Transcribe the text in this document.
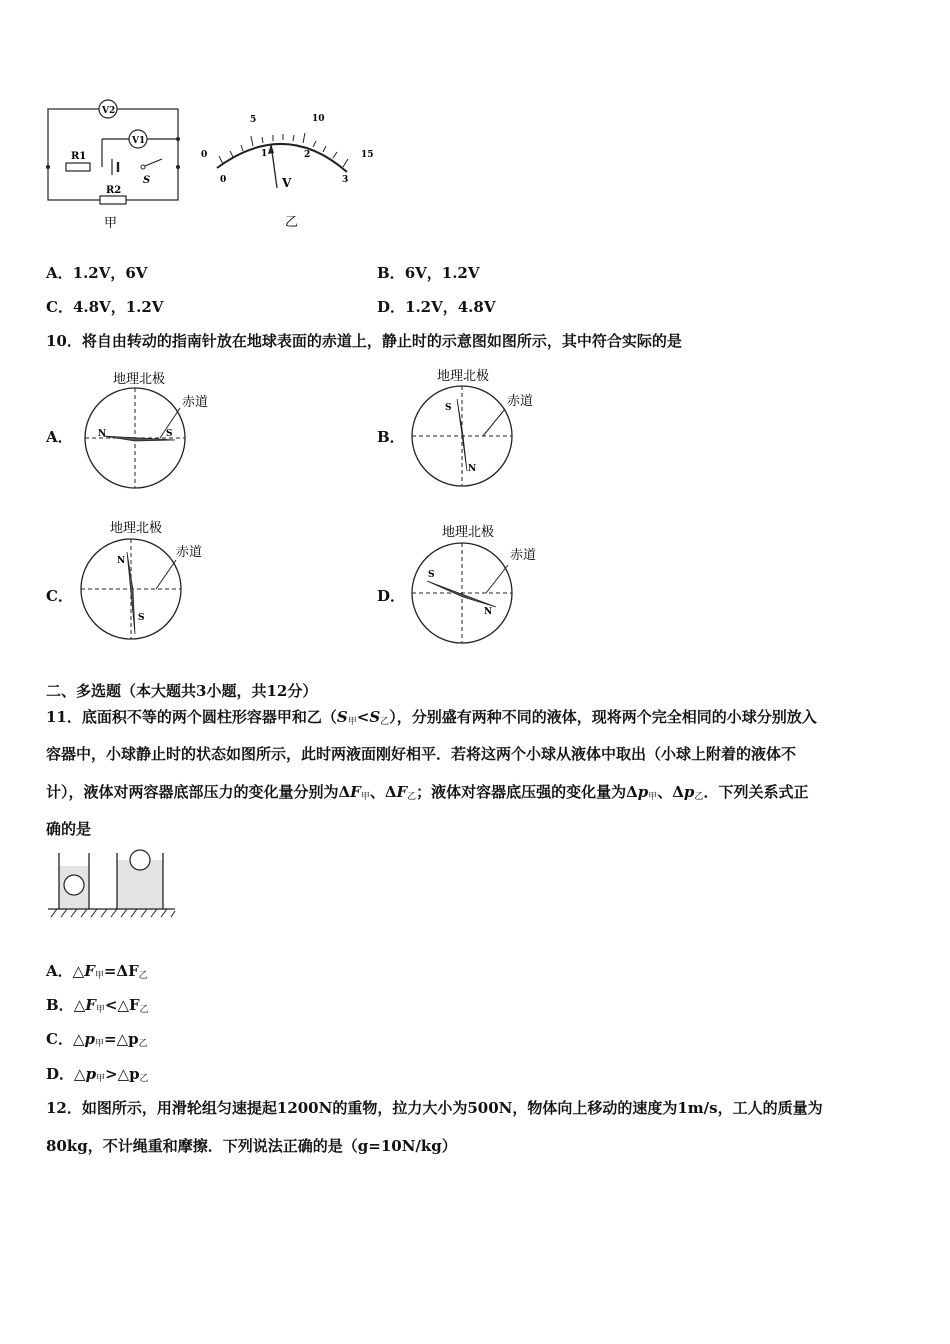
V2
V1
R1
R2
S
甲
0
5	10
15
0
1	2
3
V
乙
A．1.2V，6V	B．6V，1.2V
C．4.8V，1.2V	D．1.2V，4.8V
10．将自由转动的指南针放在地球表面的赤道上，静止时的示意图如图所示，其中符合实际的是
A．
地理北极
赤道
N	S	B．
地理北极
赤道
S
N
C．
地理北极
赤道
N
S
D．
地理北极
赤道
S
N
二、多选题（本大题共3小题，共12分）
11．底面积不等的两个圆柱形容器甲和乙$(S_甲<S_乙)$，分别盛有两种不同的液体，现将两个完全相同的小球分别放入
容器中，小球静止时的状态如图所示，此时两液面刚好相平．若将这两个小球从液体中取出（小球上附着的液体不
计），液体对两容器底部压力的变化量分别为$\Delta F_甲$、$\Delta F_乙$；液体对容器底压强的变化量为$\Delta p_甲$、$\Delta p_乙$．下列关系式正
确的是
A．$\triangle F_甲=\Delta F_乙$
B．$\triangle F_甲<\triangle F_乙$
C．$\triangle p_甲=\triangle p_乙$
D．$\triangle p_甲>\triangle p_乙$
12．如图所示，用滑轮组匀速提起1200N的重物，拉力大小为500N，物体向上移动的速度为1m/s，工人的质量为
80kg，不计绳重和摩擦．下列说法正确的是（g=10N/kg）
